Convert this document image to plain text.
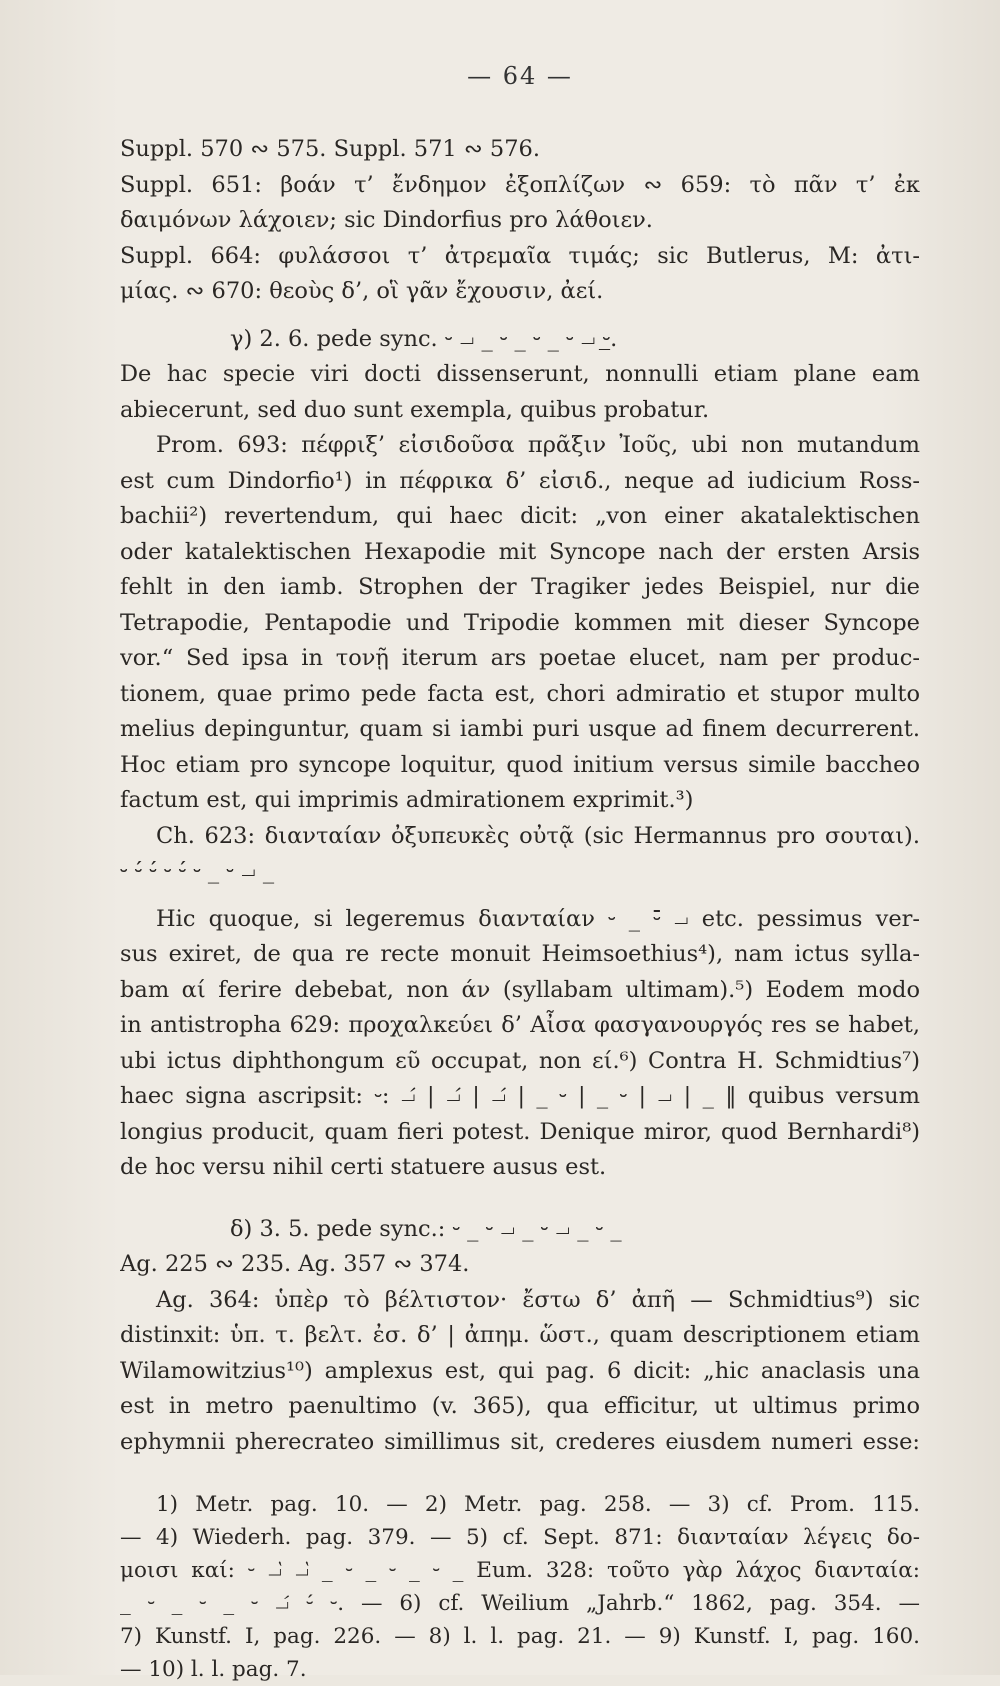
— 64 —
Suppl. 570 ∾ 575. Suppl. 571 ∾ 576.
Suppl. 651: βοάν τ’ ἔνδημον ἐξοπλίζων ∾ 659: τὸ πᾶν τ’ ἐκ
δαιμόνων λάχοιεν; sic Dindorfius pro λάθοιεν.
Suppl. 664: φυλάσσοι τ’ ἀτρεμαῖα τιμάς; sic Butlerus, M: ἀτι-
μίας. ∾ 670: θεοὺς δ’, οἳ γᾶν ἔχουσιν, ἀεί.
γ) 2. 6. pede sync. ⏑ ⏗ _ ⏑ _ ⏑ _ ⏑ ⏗ ⏑̲.
De hac specie viri docti dissenserunt, nonnulli etiam plane eam
abiecerunt, sed duo sunt exempla, quibus probatur.
Prom. 693: πέφριξ’ εἰσιδοῦσα πρᾶξιν Ἰοῦς, ubi non mutandum
est cum Dindorfio¹) in πέφρικα δ’ εἰσιδ., neque ad iudicium Ross-
bachii²) revertendum, qui haec dicit: „von einer akatalektischen
oder katalektischen Hexapodie mit Syncope nach der ersten Arsis
fehlt in den iamb. Strophen der Tragiker jedes Beispiel, nur die
Tetrapodie, Pentapodie und Tripodie kommen mit dieser Syncope
vor.“ Sed ipsa in τονῇ iterum ars poetae elucet, nam per produc-
tionem, quae primo pede facta est, chori admiratio et stupor multo
melius depinguntur, quam si iambi puri usque ad finem decurrerent.
Hoc etiam pro syncope loquitur, quod initium versus simile baccheo
factum est, qui imprimis admirationem exprimit.³)
Ch. 623: διανταίαν ὀξυπευκὲς οὐτᾷ (sic Hermannus pro σουται).
⏑ ⏑́ ⏑́ ⏑ ⏑́ ⏑ _ ⏑ ⏗ _
Hic quoque, si legeremus διανταίαν ⏑ _ ⏑̄ ⏗ etc. pessimus ver-
sus exiret, de qua re recte monuit Heimsoethius⁴), nam ictus sylla-
bam αί ferire debebat, non άν (syllabam ultimam).⁵) Eodem modo
in antistropha 629: προχαλκεύει δ’ Αἶσα φασγανουργός res se habet,
ubi ictus diphthongum εῦ occupat, non εί.⁶) Contra H. Schmidtius⁷)
haec signa ascripsit: ⏑: ⏗́ | ⏗́ | ⏗́ | _ ⏑ | _ ⏑ | ⏗ | _ ‖ quibus versum
longius producit, quam fieri potest. Denique miror, quod Bernhardi⁸)
de hoc versu nihil certi statuere ausus est.
δ) 3. 5. pede sync.: ⏑ _ ⏑ ⏗ _ ⏑ ⏗ _ ⏑ _
Ag. 225 ∾ 235. Ag. 357 ∾ 374.
Ag. 364: ὑπὲρ τὸ βέλτιστον· ἔστω δ’ ἀπῆ — Schmidtius⁹) sic
distinxit: ὑπ. τ. βελτ. ἐσ. δ’ | ἀπημ. ὥστ., quam descriptionem etiam
Wilamowitzius¹⁰) amplexus est, qui pag. 6 dicit: „hic anaclasis una
est in metro paenultimo (v. 365), qua efficitur, ut ultimus primo
ephymnii pherecrateo simillimus sit, crederes eiusdem numeri esse:
1) Metr. pag. 10. — 2) Metr. pag. 258. — 3) cf. Prom. 115.
— 4) Wiederh. pag. 379. — 5) cf. Sept. 871: διανταίαν λέγεις δο-
μοισι καί: ⏑ ⏗́ ⏗́ _ ⏑ _ ⏑ _ ⏑ _ Eum. 328: τοῦτο γὰρ λάχος διανταία:
_ ⏑ _ ⏑ _ ⏑ ⏗́ ⏑́ ⏑. — 6) cf. Weilium „Jahrb.“ 1862, pag. 354. —
7) Kunstf. I, pag. 226. — 8) l. l. pag. 21. — 9) Kunstf. I, pag. 160.
— 10) l. l. pag. 7.
